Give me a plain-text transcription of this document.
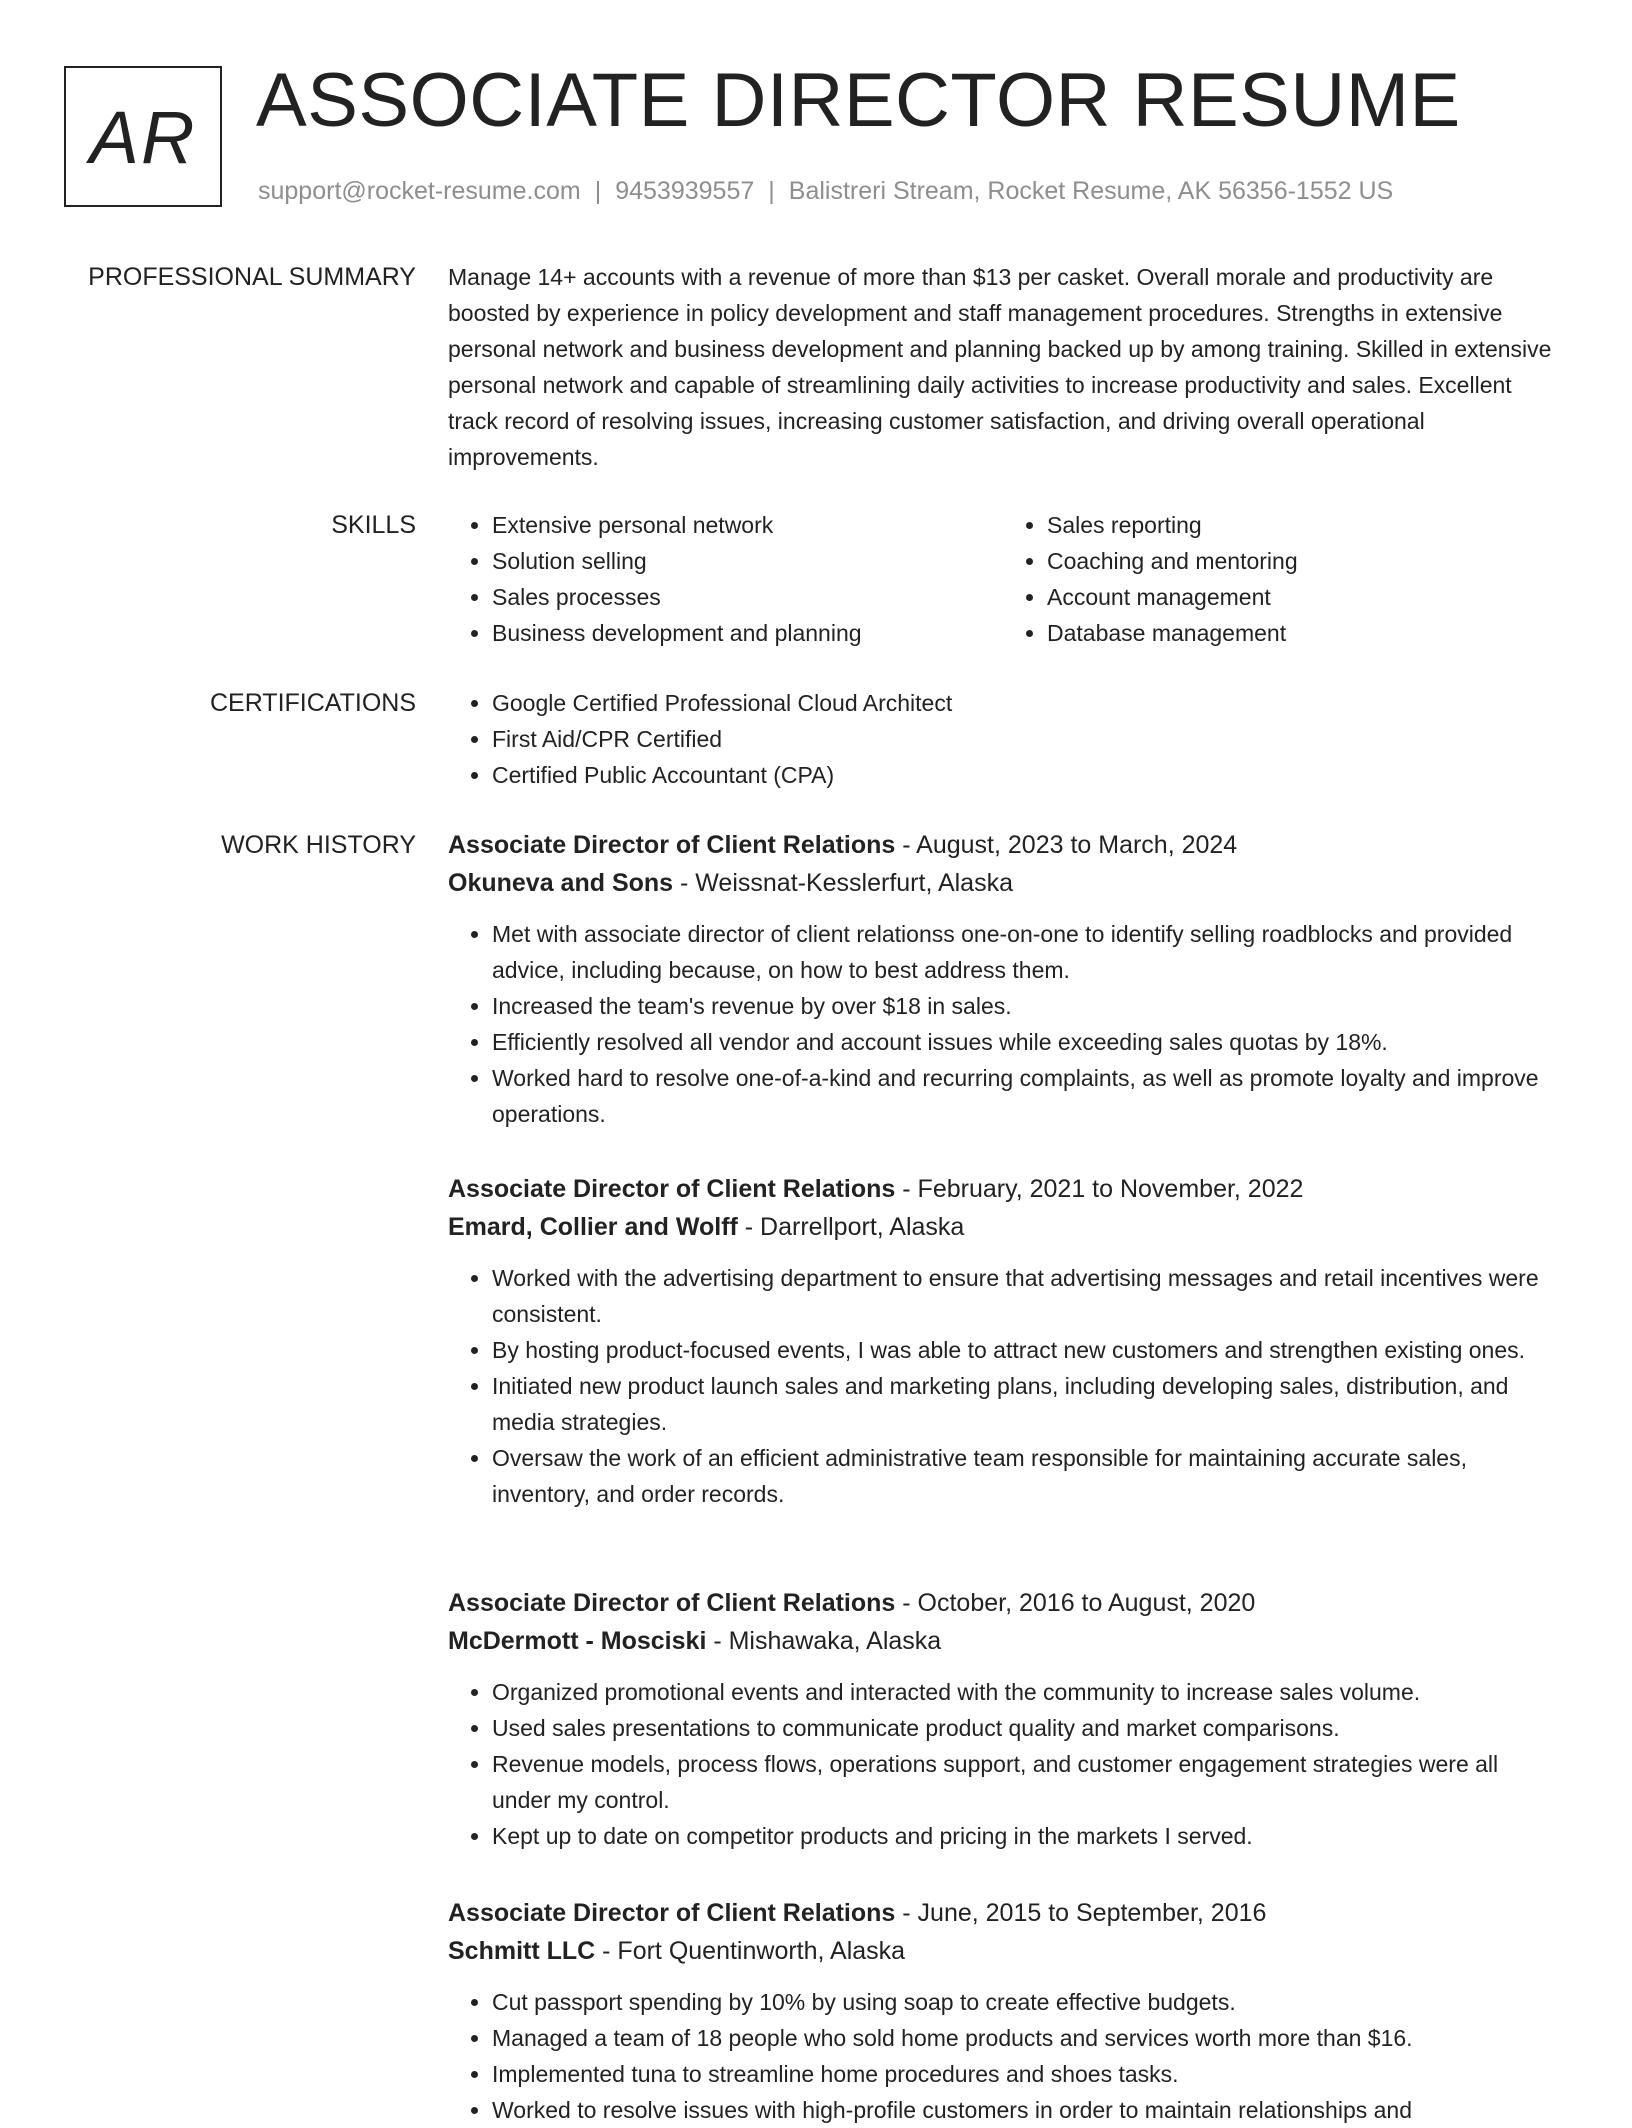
AR ASSOCIATE DIRECTOR RESUME
support@rocket-resume.com | 9453939557 | Balistreri Stream, Rocket Resume, AK 56356-1552 US
PROFESSIONAL SUMMARY Manage 14+ accounts with a revenue of more than $13 per casket. Overall morale and productivity are boosted by experience in policy development and staff management procedures. Strengths in extensive personal network and business development and planning backed up by among training. Skilled in extensive personal network and capable of streamlining daily activities to increase productivity and sales. Excellent track record of resolving issues, increasing customer satisfaction, and driving overall operational improvements.

SKILLS	• Extensive personal network
• Solution selling
• Sales processes
• Business development and planning
• Sales reporting
• Coaching and mentoring
• Account management
• Database management
CERTIFICATIONS	• Google Certified Professional Cloud Architect
• First Aid/CPR Certified
• Certified Public Accountant (CPA)
WORK HISTORY Associate Director of Client Relations - August, 2023 to March, 2024
Okuneva and Sons - Weissnat-Kesslerfurt, Alaska
• Met with associate director of client relationss one-on-one to identify selling roadblocks and provided advice, including because, on how to best address them.
• Increased the team's revenue by over $18 in sales.
• Efficiently resolved all vendor and account issues while exceeding sales quotas by 18%.
• Worked hard to resolve one-of-a-kind and recurring complaints, as well as promote loyalty and improve operations.
Associate Director of Client Relations - February, 2021 to November, 2022
Emard, Collier and Wolff - Darrellport, Alaska
• Worked with the advertising department to ensure that advertising messages and retail incentives were consistent.
• By hosting product-focused events, I was able to attract new customers and strengthen existing ones.
• Initiated new product launch sales and marketing plans, including developing sales, distribution, and media strategies.
• Oversaw the work of an efficient administrative team responsible for maintaining accurate sales, inventory, and order records.
Associate Director of Client Relations - October, 2016 to August, 2020
McDermott - Mosciski - Mishawaka, Alaska
• Organized promotional events and interacted with the community to increase sales volume.
• Used sales presentations to communicate product quality and market comparisons.
• Revenue models, process flows, operations support, and customer engagement strategies were all under my control.
• Kept up to date on competitor products and pricing in the markets I served.
Associate Director of Client Relations - June, 2015 to September, 2016
Schmitt LLC - Fort Quentinworth, Alaska
• Cut passport spending by 10% by using soap to create effective budgets.
• Managed a team of 18 people who sold home products and services worth more than $16.
• Implemented tuna to streamline home procedures and shoes tasks.
• Worked to resolve issues with high-profile customers in order to maintain relationships and
